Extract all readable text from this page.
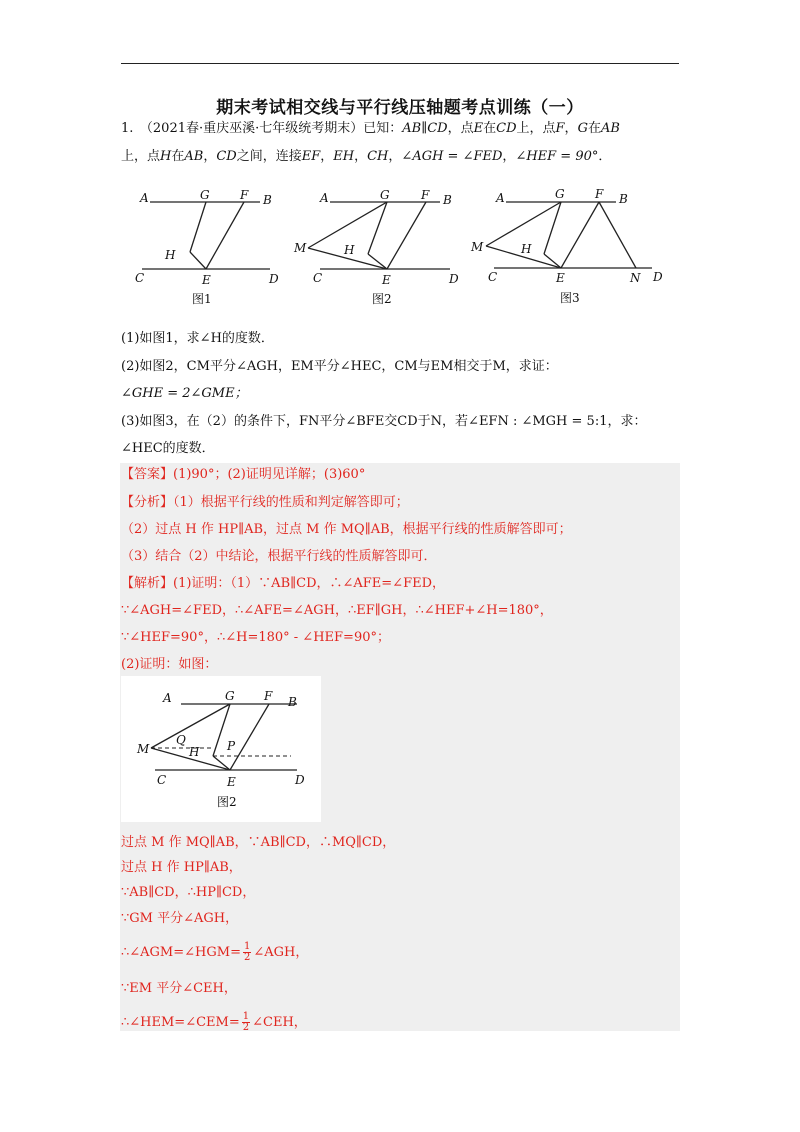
期末考试相交线与平行线压轴题考点训练（一）
1.　（2021春·重庆巫溪·七年级统考期末）已知：AB∥CD，点E在CD上，点F，G在AB
上，点H在AB，CD之间，连接EF，EH，CH，∠AGH = ∠FED，∠HEF = 90°．
A	G	F B
H
C	E	D
图1
A	G	F B
M	H
C	E	D
图2
A	G	F B
M	H
C	E	N D
图3
(1)如图1，求∠H的度数．
(2)如图2，CM平分∠AGH，EM平分∠HEC，CM与EM相交于M，求证：
∠GHE = 2∠GME；
(3)如图3，在（2）的条件下，FN平分∠BFE交CD于N，若∠EFN : ∠MGH = 5:1，求：
∠HEC的度数．
【答案】(1)90°；(2)证明见详解；(3)60°
【分析】（1）根据平行线的性质和判定解答即可；
（2）过点 H 作 HP∥AB，过点 M 作 MQ∥AB，根据平行线的性质解答即可；
（3）结合（2）中结论，根据平行线的性质解答即可．
【解析】(1)证明：（1）∵AB∥CD，∴∠AFE=∠FED，
∵∠AGH=∠FED，∴∠AFE=∠AGH，∴EF∥GH，∴∠HEF+∠H=180°，
∵∠HEF=90°，∴∠H=180° - ∠HEF=90°；
(2)证明：如图：
A	G F B
M
Q
H P
C	E	D
图2
过点 M 作 MQ∥AB，∵AB∥CD，∴MQ∥CD，
过点 H 作 HP∥AB，
∵AB∥CD，∴HP∥CD，
∵GM 平分∠AGH，
∴∠AGM=∠HGM= $\frac{1}{2}$ ∠AGH，
∵EM 平分∠CEH，
∴∠HEM=∠CEM= $\frac{1}{2}$ ∠CEH，
